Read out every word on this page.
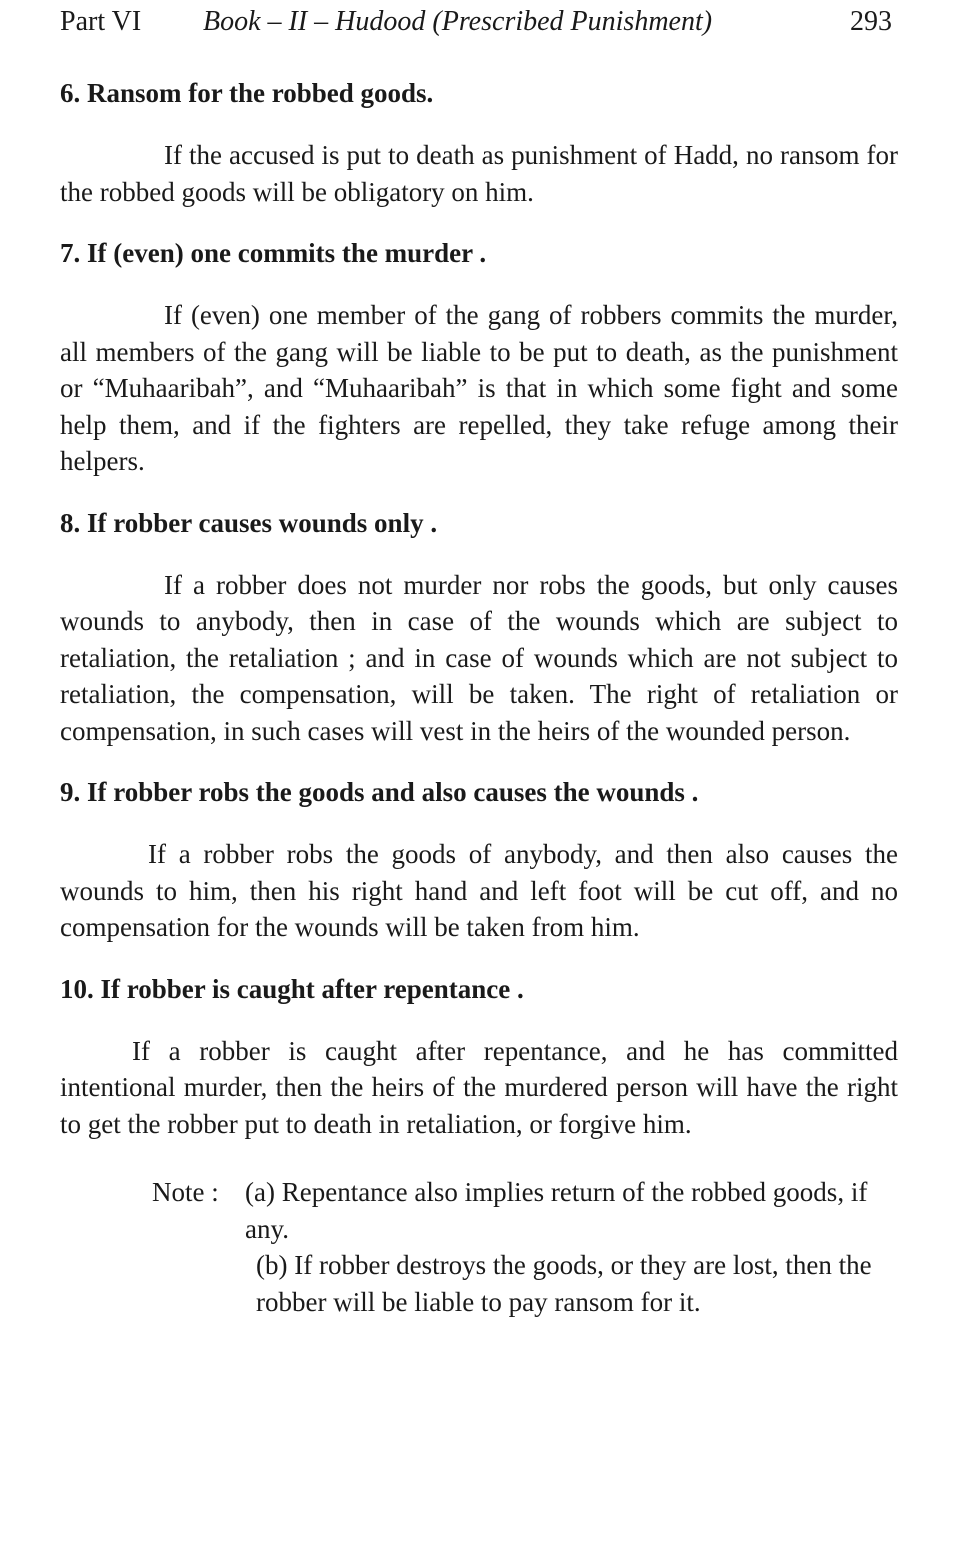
Part VI Book – II – Hudood (Prescribed Punishment)	293
6. Ransom for the robbed goods.

If the accused is put to death as punishment of Hadd, no ransom for the robbed goods will be obligatory on him.

7. If (even) one commits the murder .

If (even) one member of the gang of robbers commits the murder, all members of the gang will be liable to be put to death, as the punishment or “Muhaaribah”, and “Muhaaribah” is that in which some fight and some help them, and if the fighters are repelled, they take refuge among their helpers.

8. If robber causes wounds only .

If a robber does not murder nor robs the goods, but only causes wounds to anybody, then in case of the wounds which are subject to retaliation, the retaliation ; and in case of wounds which are not subject to retaliation, the compensation, will be taken. The right of retaliation or compensation, in such cases will vest in the heirs of the wounded person.

9. If robber robs the goods and also causes the wounds .

If a robber robs the goods of anybody, and then also causes the wounds to him, then his right hand and left foot will be cut off, and no compensation for the wounds will be taken from him.

10. If robber is caught after repentance .

If a robber is caught after repentance, and he has committed intentional murder, then the heirs of the murdered person will have the right to get the robber put to death in retaliation, or forgive him.

Note : (a) Repentance also implies return of the robbed goods, if any.
(b) If robber destroys the goods, or they are lost, then the robber will be liable to pay ransom for it.
